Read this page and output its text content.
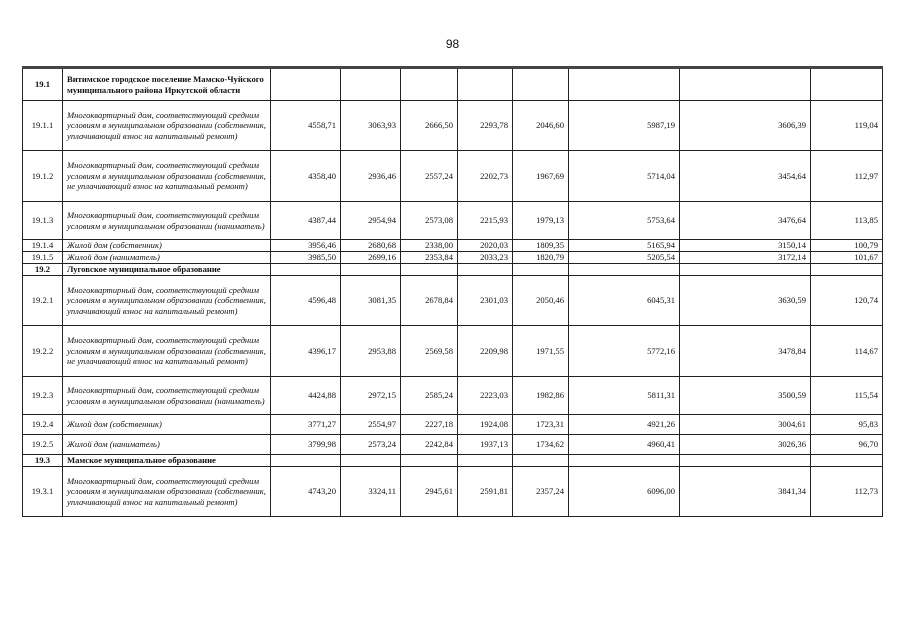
98
19.1	Витимское городское поселение Мамско-Чуйского муниципального района Иркутской области								
19.1.1	Многоквартирный дом, соответствующий средним условиям в муниципальном образовании (собственник, уплачивающий взнос на капитальный ремонт)	4558,71	3063,93	2666,50	2293,78	2046,60	5987,19	3606,39	119,04
19.1.2	Многоквартирный дом, соответствующий средним условиям в муниципальном образовании (собственник, не уплачивающий взнос на капитальный ремонт)	4358,40	2936,46	2557,24	2202,73	1967,69	5714,04	3454,64	112,97
19.1.3	Многоквартирный дом, соответствующий средним условиям в муниципальном образовании (наниматель)	4387,44	2954,94	2573,08	2215,93	1979,13	5753,64	3476,64	113,85
19.1.4	Жилой дом (собственник)	3956,46	2680,68	2338,00	2020,03	1809,35	5165,94	3150,14	100,79
19.1.5	Жилой дом (наниматель)	3985,50	2699,16	2353,84	2033,23	1820,79	5205,54	3172,14	101,67
19.2	Луговское муниципальное образование								
19.2.1	Многоквартирный дом, соответствующий средним условиям в муниципальном образовании (собственник, уплачивающий взнос на капитальный ремонт)	4596,48	3081,35	2678,84	2301,03	2050,46	6045,31	3630,59	120,74
19.2.2	Многоквартирный дом, соответствующий средним условиям в муниципальном образовании (собственник, не уплачивающий взнос на капитальный ремонт)	4396,17	2953,88	2569,58	2209,98	1971,55	5772,16	3478,84	114,67
19.2.3	Многоквартирный дом, соответствующий средним условиям в муниципальном образовании (наниматель)	4424,88	2972,15	2585,24	2223,03	1982,86	5811,31	3500,59	115,54
19.2.4	Жилой дом (собственник)	3771,27	2554,97	2227,18	1924,08	1723,31	4921,26	3004,61	95,83
19.2.5	Жилой дом (наниматель)	3799,98	2573,24	2242,84	1937,13	1734,62	4960,41	3026,36	96,70
19.3	Мамское муниципальное образование								
19.3.1	Многоквартирный дом, соответствующий средним условиям в муниципальном образовании (собственник, уплачивающий взнос на капитальный ремонт)	4743,20	3324,11	2945,61	2591,81	2357,24	6096,00	3841,34	112,73
